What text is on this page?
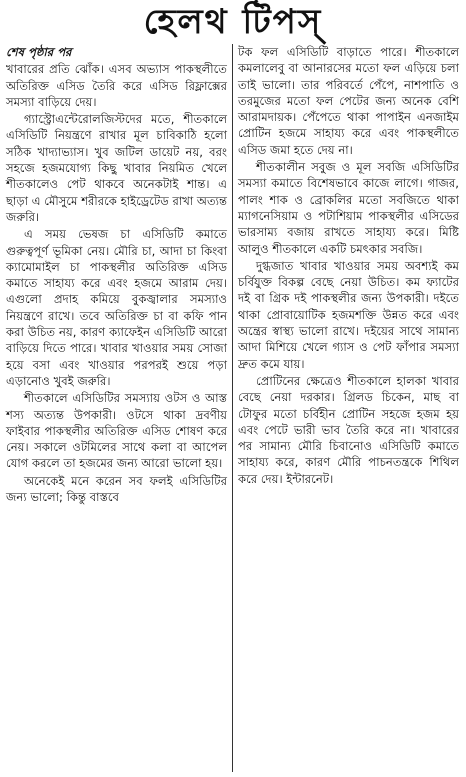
হেলথ টিপস্

শেষ পৃষ্ঠার পর

খাবারের প্রতি ঝোঁক। এসব অভ্যাস পাকস্থলীতে অতিরিক্ত এসিড তৈরি করে এসিড রিফ্লাক্সের সমস্যা বাড়িয়ে দেয়।

গ্যাস্ট্রোএন্টেরোলজিস্টদের মতে, শীতকালে এসিডিটি নিয়ন্ত্রণে রাখার মূল চাবিকাঠি হলো সঠিক খাদ্যাভ্যাস। খুব জটিল ডায়েট নয়, বরং সহজে হজমযোগ্য কিছু খাবার নিয়মিত খেলে শীতকালেও পেট থাকবে অনেকটাই শান্ত। এ ছাড়া এ মৌসুমে শরীরকে হাইড্রেটেড রাখা অত্যন্ত জরুরি।

এ সময় ভেষজ চা এসিডিটি কমাতে গুরুত্বপূর্ণ ভূমিকা নেয়। মৌরি চা, আদা চা কিংবা ক্যামোমাইল চা পাকস্থলীর অতিরিক্ত এসিড কমাতে সাহায্য করে এবং হজমে আরাম দেয়। এগুলো প্রদাহ কমিয়ে বুকজ্বালার সমস্যাও নিয়ন্ত্রণে রাখে। তবে অতিরিক্ত চা বা কফি পান করা উচিত নয়, কারণ ক্যাফেইন এসিডিটি আরো বাড়িয়ে দিতে পারে। খাবার খাওয়ার সময় সোজা হয়ে বসা এবং খাওয়ার পরপরই শুয়ে পড়া এড়ানোও খুবই জরুরি।

শীতকালে এসিডিটির সমস্যায় ওটস ও আস্ত শস্য অত্যন্ত উপকারী। ওটসে থাকা দ্রবণীয় ফাইবার পাকস্থলীর অতিরিক্ত এসিড শোষণ করে নেয়। সকালে ওটমিলের সাথে কলা বা আপেল যোগ করলে তা হজমের জন্য আরো ভালো হয়।

অনেকেই মনে করেন সব ফলই এসিডিটির জন্য ভালো; কিন্তু বাস্তবে

টক ফল এসিডিটি বাড়াতে পারে। শীতকালে কমলালেবু বা আনারসের মতো ফল এড়িয়ে চলা তাই ভালো। তার পরিবর্তে পেঁপে, নাশপাতি ও তরমুজের মতো ফল পেটের জন্য অনেক বেশি আরামদায়ক। পেঁপেতে থাকা পাপাইন এনজাইম প্রোটিন হজমে সাহায্য করে এবং পাকস্থলীতে এসিড জমা হতে দেয় না।

শীতকালীন সবুজ ও মূল সবজি এসিডিটির সমস্যা কমাতে বিশেষভাবে কাজে লাগে। গাজর, পালং শাক ও ব্রোকলির মতো সবজিতে থাকা ম্যাগনেসিয়াম ও পটাশিয়াম পাকস্থলীর এসিডের ভারসাম্য বজায় রাখতে সাহায্য করে। মিষ্টি আলুও শীতকালে একটি চমৎকার সবজি।

দুগ্ধজাত খাবার খাওয়ার সময় অবশ্যই কম চর্বিযুক্ত বিকল্প বেছে নেয়া উচিত। কম ফ্যাটের দই বা গ্রিক দই পাকস্থলীর জন্য উপকারী। দইতে থাকা প্রোবায়োটিক হজমশক্তি উন্নত করে এবং অন্ত্রের স্বাস্থ্য ভালো রাখে। দইয়ের সাথে সামান্য আদা মিশিয়ে খেলে গ্যাস ও পেট ফাঁপার সমস্যা দ্রুত কমে যায়।

প্রোটিনের ক্ষেত্রেও শীতকালে হালকা খাবার বেছে নেয়া দরকার। গ্রিলড চিকেন, মাছ বা টোফুর মতো চর্বিহীন প্রোটিন সহজে হজম হয় এবং পেটে ভারী ভাব তৈরি করে না। খাবারের পর সামান্য মৌরি চিবানোও এসিডিটি কমাতে সাহায্য করে, কারণ মৌরি পাচনতন্ত্রকে শিথিল করে দেয়। ইন্টারনেট।
